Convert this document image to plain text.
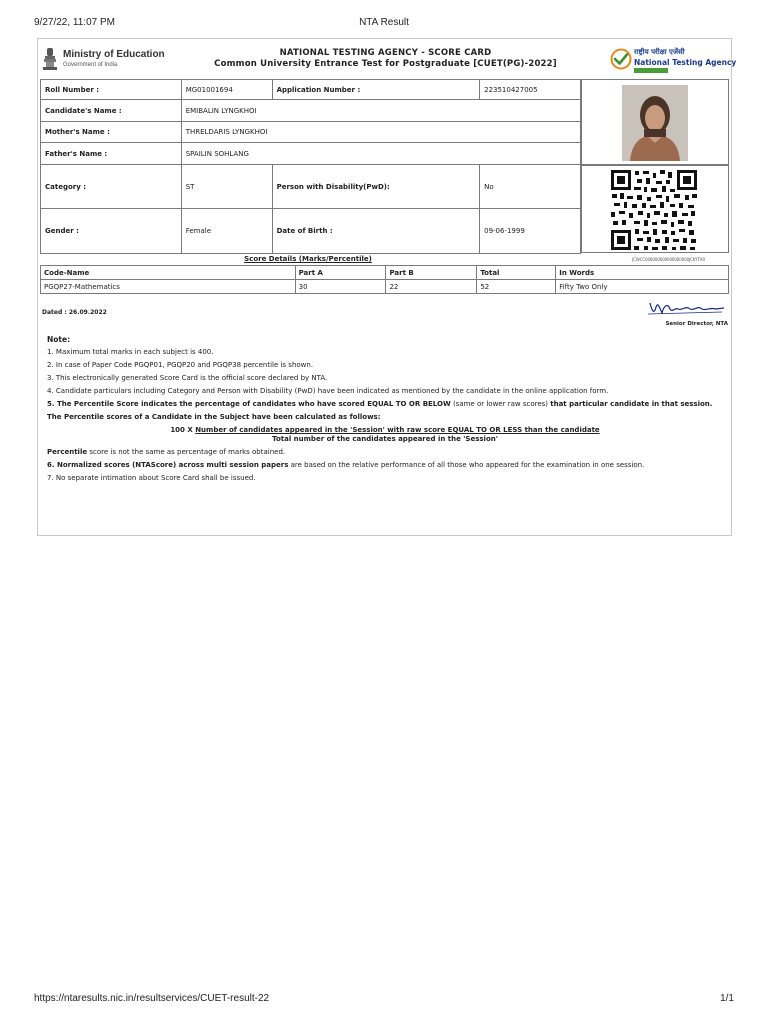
9/27/22, 11:07 PM	NTA Result
Ministry of Education
Government of India
NATIONAL TESTING AGENCY - SCORE CARD
Common University Entrance Test for Postgraduate [CUET(PG)-2022]
राष्ट्रीय परीक्षा एजेंसी
National Testing Agency
Roll Number :	MG01001694	Application Number :	223510427005
Candidate's Name :	EMIBALIN LYNGKHOI		
Mother's Name :	THRELDARIS LYNGKHOI		
Father's Name :	SPAILIN SOHLANG		
Category :	ST	Person with Disability(PwD):	No
Gender :	Female	Date of Birth :	09-06-1999
Score Details (Marks/Percentile)	JCWCC000000000000000000JCKYTX0
Code-Name	Part A	Part B	Total	In Words
PGQP27-Mathematics	30	22	52	Fifty Two Only
Dated : 26.09.2022
Senior Director, NTA
Note:

1. Maximum total marks in each subject is 400.

2. In case of Paper Code PGQP01, PGQP20 and PGQP38 percentile is shown.

3. This electronically generated Score Card is the official score declared by NTA.

4. Candidate particulars including Category and Person with Disability (PwD) have been indicated as mentioned by the candidate in the online application form.

5. The Percentile Score indicates the percentage of candidates who have scored EQUAL TO OR BELOW (same or lower raw scores) that particular candidate in that session.

The Percentile scores of a Candidate in the Subject have been calculated as follows:

100 X Number of candidates appeared in the 'Session' with raw score EQUAL TO OR LESS than the candidate
Total number of the candidates appeared in the 'Session'

Percentile score is not the same as percentage of marks obtained.

6. Normalized scores (NTAScore) across multi session papers are based on the relative performance of all those who appeared for the examination in one session.

7. No separate intimation about Score Card shall be issued.

https://ntaresults.nic.in/resultservices/CUET-result-22	1/1
